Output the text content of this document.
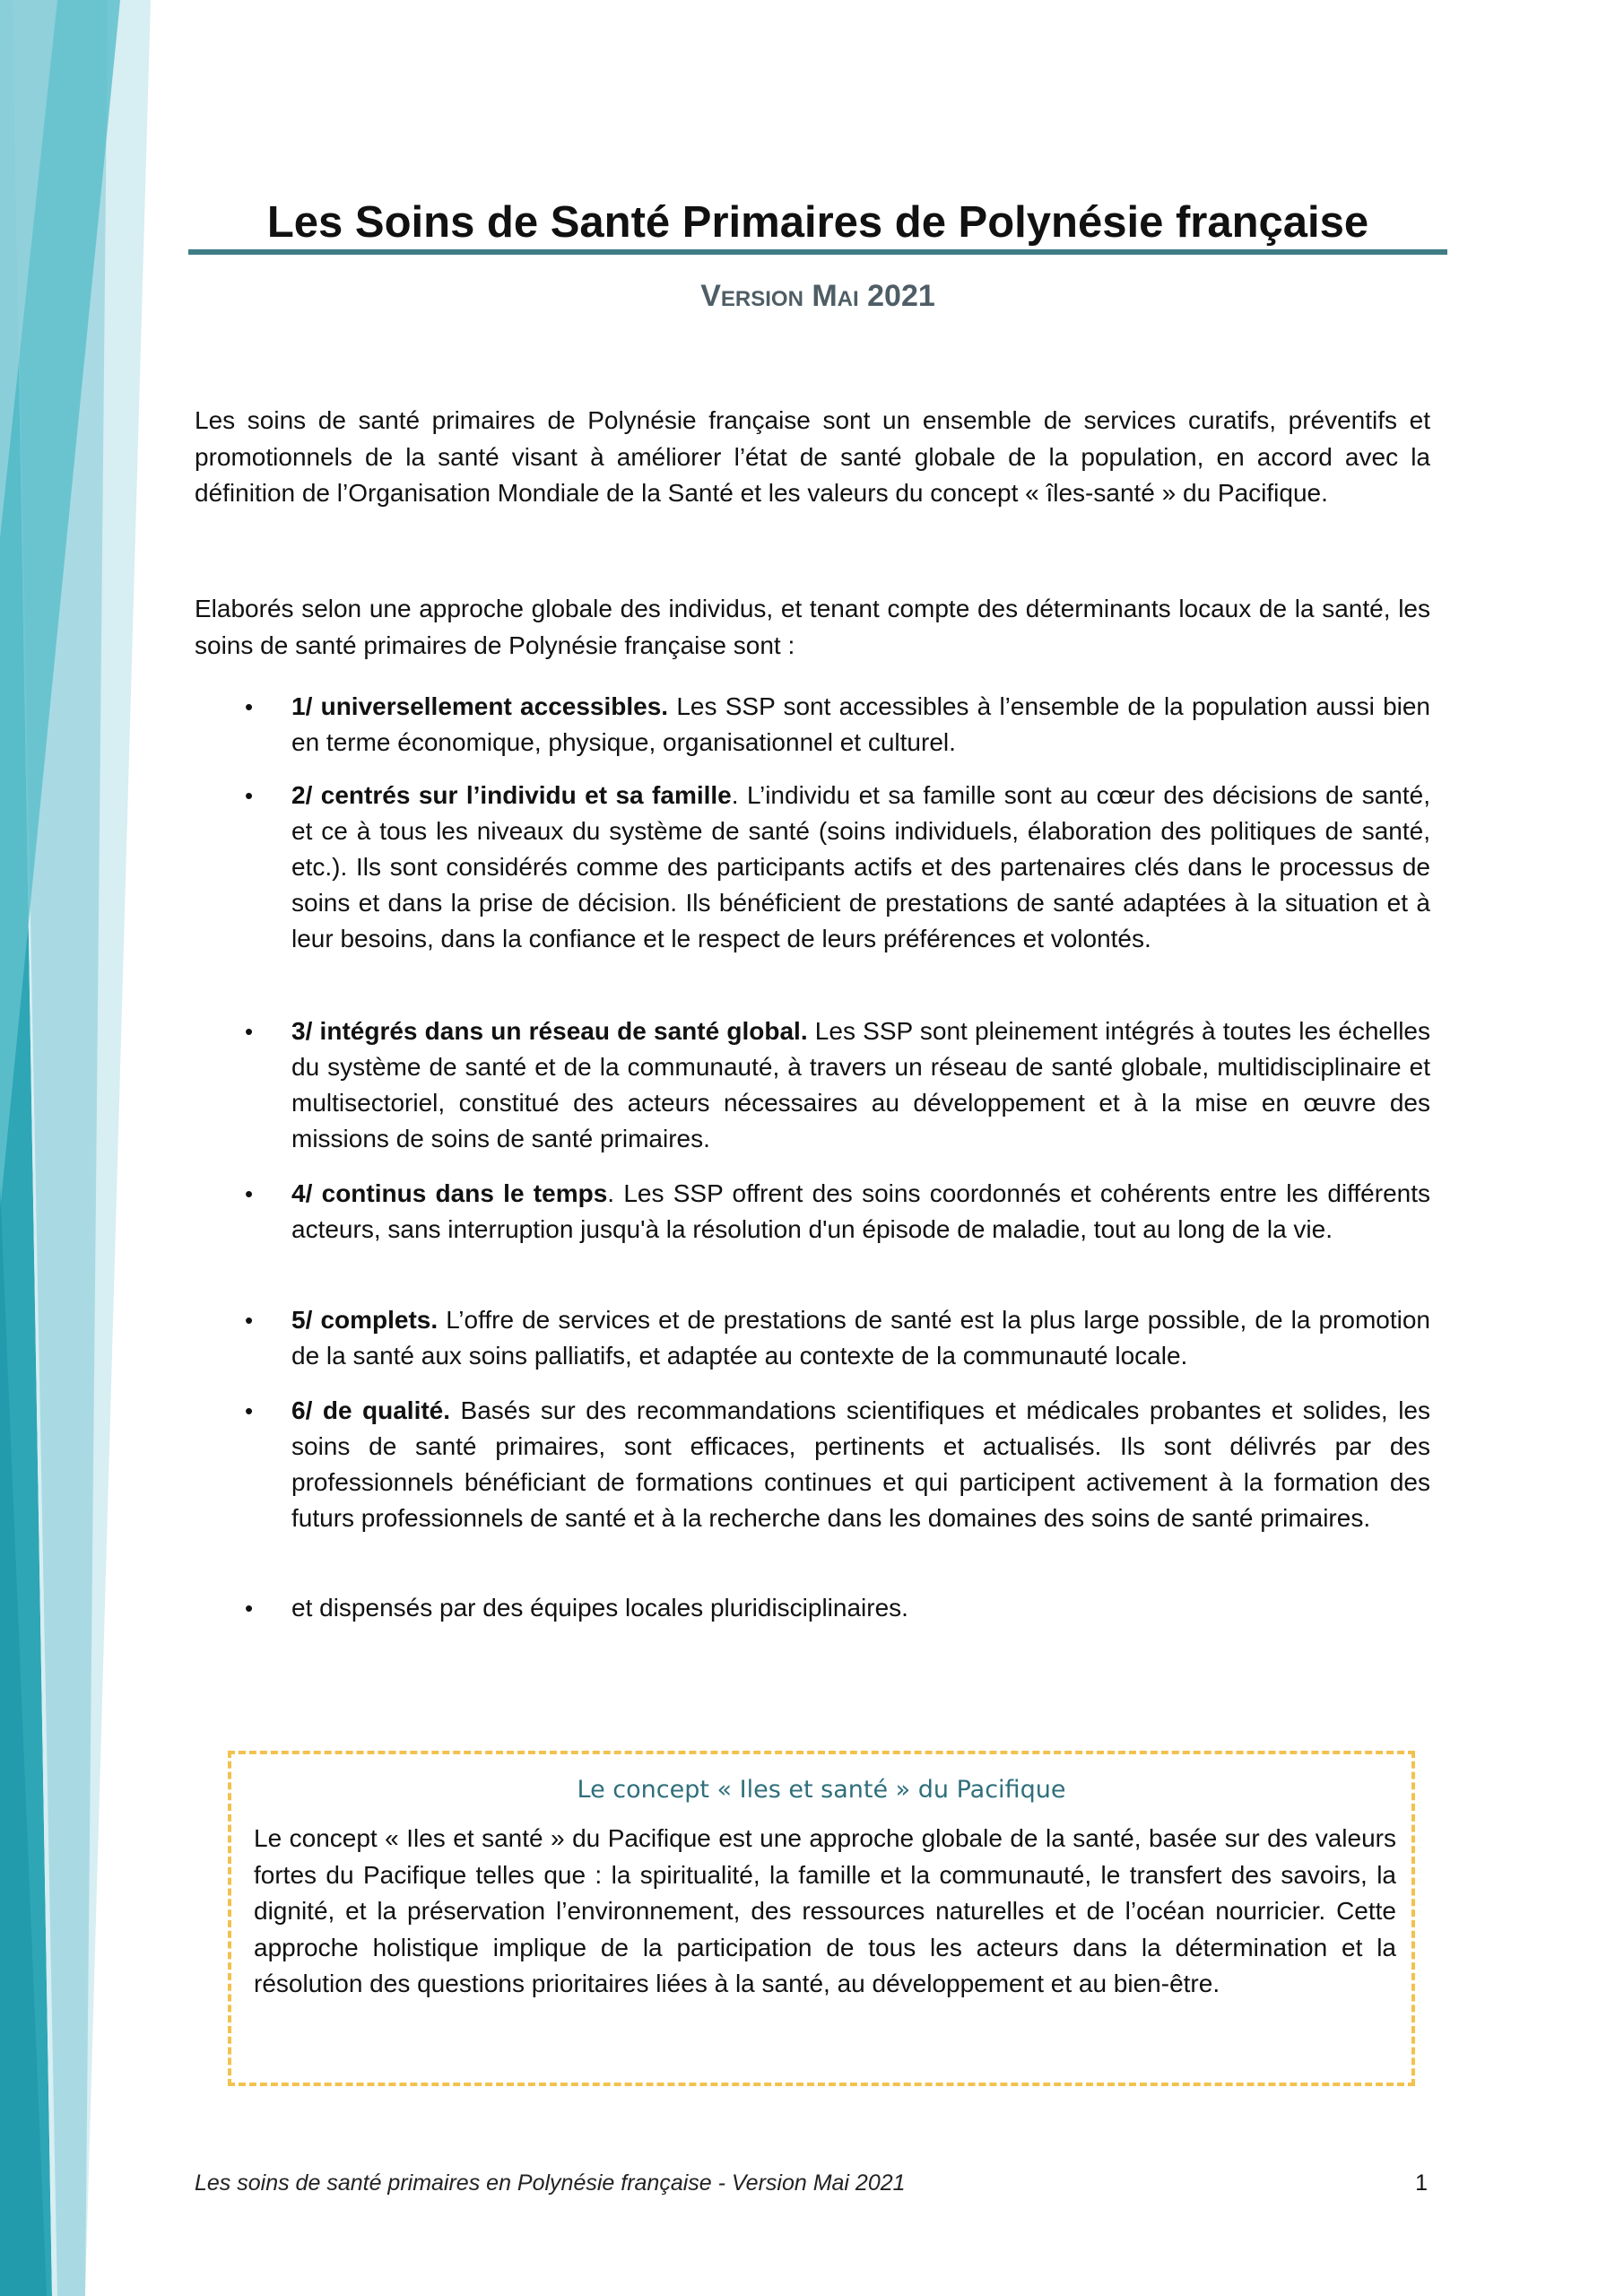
Les Soins de Santé Primaires de Polynésie française
Version Mai 2021

Les soins de santé primaires de Polynésie française sont un ensemble de services curatifs, préventifs et promotionnels de la santé visant à améliorer l’état de santé globale de la population, en accord avec la définition de l’Organisation Mondiale de la Santé et les valeurs du concept « îles-santé » du Pacifique.

Elaborés selon une approche globale des individus, et tenant compte des déterminants locaux de la santé, les soins de santé primaires de Polynésie française sont :

• 1/ universellement accessibles. Les SSP sont accessibles à l’ensemble de la population aussi bien en terme économique, physique, organisationnel et culturel.
• 2/ centrés sur l’individu et sa famille. L’individu et sa famille sont au cœur des décisions de santé, et ce à tous les niveaux du système de santé (soins individuels, élaboration des politiques de santé, etc.). Ils sont considérés comme des participants actifs et des partenaires clés dans le processus de soins et dans la prise de décision. Ils bénéficient de prestations de santé adaptées à la situation et à leur besoins, dans la confiance et le respect de leurs préférences et volontés.
• 3/ intégrés dans un réseau de santé global. Les SSP sont pleinement intégrés à toutes les échelles du système de santé et de la communauté, à travers un réseau de santé globale, multidisciplinaire et multisectoriel, constitué des acteurs nécessaires au développement et à la mise en œuvre des missions de soins de santé primaires.
• 4/ continus dans le temps. Les SSP offrent des soins coordonnés et cohérents entre les différents acteurs, sans interruption jusqu'à la résolution d'un épisode de maladie, tout au long de la vie.
• 5/ complets. L’offre de services et de prestations de santé est la plus large possible, de la promotion de la santé aux soins palliatifs, et adaptée au contexte de la communauté locale.
• 6/ de qualité. Basés sur des recommandations scientifiques et médicales probantes et solides, les soins de santé primaires, sont efficaces, pertinents et actualisés. Ils sont délivrés par des professionnels bénéficiant de formations continues et qui participent activement à la formation des futurs professionnels de santé et à la recherche dans les domaines des soins de santé primaires.
• et dispensés par des équipes locales pluridisciplinaires.
Le concept « Iles et santé » du Pacifique

Le concept « Iles et santé » du Pacifique est une approche globale de la santé, basée sur des valeurs fortes du Pacifique telles que : la spiritualité, la famille et la communauté, le transfert des savoirs, la dignité, et la préservation l’environnement, des ressources naturelles et de l’océan nourricier. Cette approche holistique implique de la participation de tous les acteurs dans la détermination et la résolution des questions prioritaires liées à la santé, au développement et au bien-être.

Les soins de santé primaires en Polynésie française - Version Mai 2021	1
